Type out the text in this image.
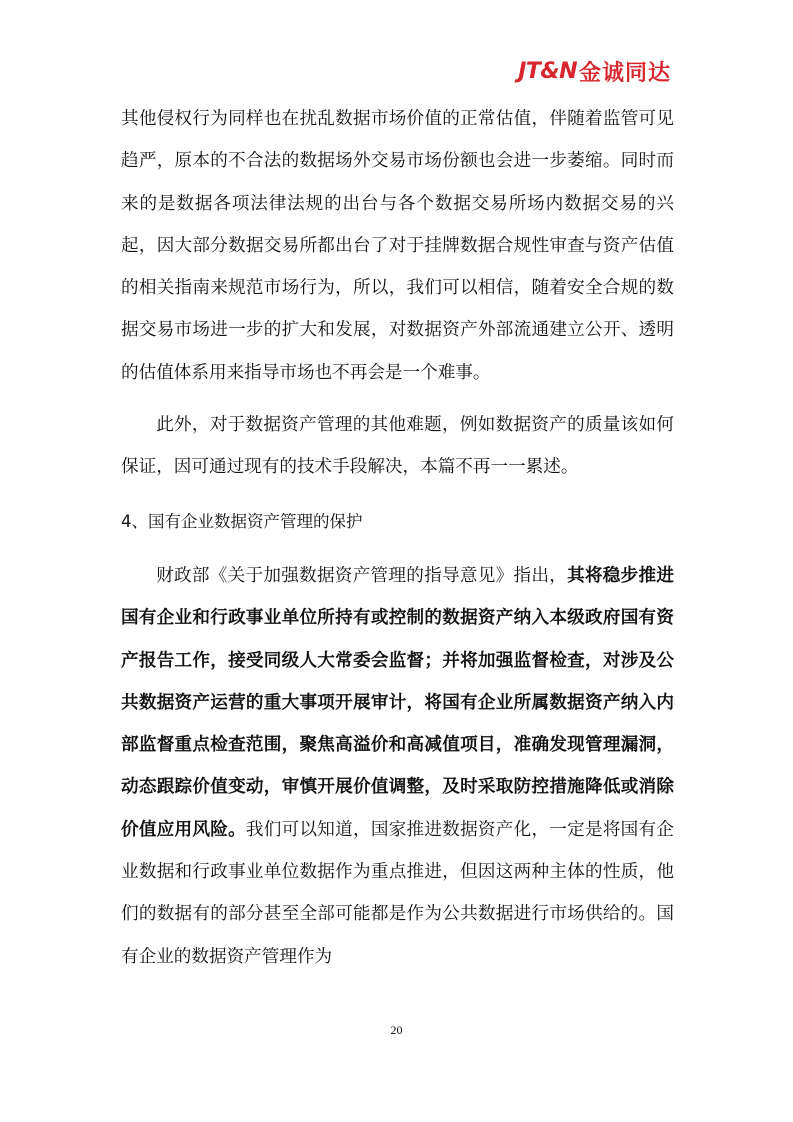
JT&N 金诚同达

其他侵权行为同样也在扰乱数据市场价值的正常估值，伴随着监管可见趋严，原本的不合法的数据场外交易市场份额也会进一步萎缩。同时而来的是数据各项法律法规的出台与各个数据交易所场内数据交易的兴起，因大部分数据交易所都出台了对于挂牌数据合规性审查与资产估值的相关指南来规范市场行为，所以，我们可以相信，随着安全合规的数据交易市场进一步的扩大和发展，对数据资产外部流通建立公开、透明的估值体系用来指导市场也不再会是一个难事。

此外，对于数据资产管理的其他难题，例如数据资产的质量该如何保证，因可通过现有的技术手段解决，本篇不再一一累述。

4、国有企业数据资产管理的保护

财政部《关于加强数据资产管理的指导意见》指出，其将稳步推进国有企业和行政事业单位所持有或控制的数据资产纳入本级政府国有资产报告工作，接受同级人大常委会监督；并将加强监督检查，对涉及公共数据资产运营的重大事项开展审计，将国有企业所属数据资产纳入内部监督重点检查范围，聚焦高溢价和高减值项目，准确发现管理漏洞，动态跟踪价值变动，审慎开展价值调整，及时采取防控措施降低或消除价值应用风险。我们可以知道，国家推进数据资产化，一定是将国有企业数据和行政事业单位数据作为重点推进，但因这两种主体的性质，他们的数据有的部分甚至全部可能都是作为公共数据进行市场供给的。国有企业的数据资产管理作为

20
